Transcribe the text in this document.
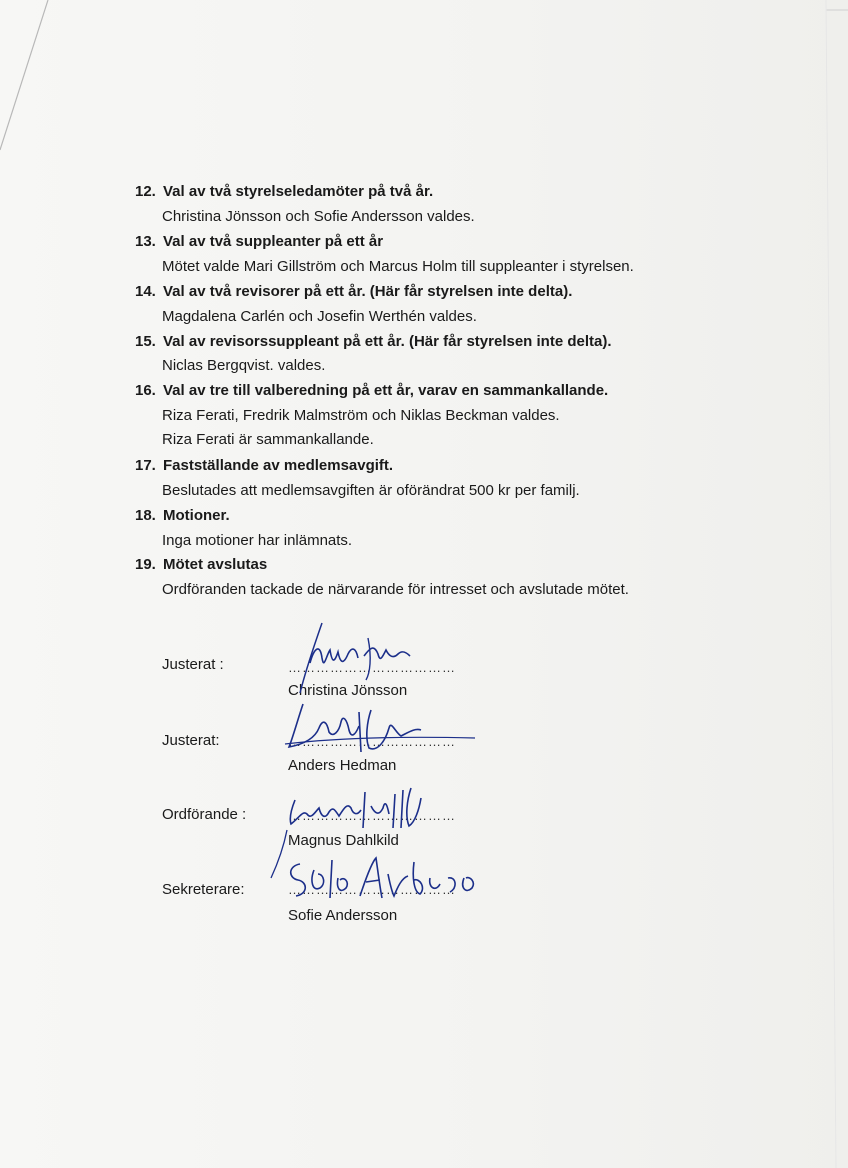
12. Val av två styrelseledamöter på två år.
Christina Jönsson och Sofie Andersson valdes.
13. Val av två suppleanter på ett år
Mötet valde Mari Gillström och Marcus Holm till suppleanter i styrelsen.
14. Val av två revisorer på ett år. (Här får styrelsen inte delta).
Magdalena Carlén och Josefin Werthén valdes.
15. Val av revisorssuppleant på ett år. (Här får styrelsen inte delta).
Niclas Bergqvist. valdes.
16. Val av tre till valberedning på ett år, varav en sammankallande.
Riza Ferati, Fredrik Malmström och Niklas Beckman valdes.
Riza Ferati är sammankallande.
17. Fastställande av medlemsavgift.
Beslutades att medlemsavgiften är oförändrat 500 kr per familj.
18. Motioner.
Inga motioner har inlämnats.
19. Mötet avslutas
Ordföranden tackade de närvarande för intresset och avslutade mötet.
Justerat :	………………………………
Christina Jönsson
Justerat:	………………………………
Anders Hedman
Ordförande :	………………………………
Magnus Dahlkild
Sekreterare:	………………………………
Sofie Andersson
